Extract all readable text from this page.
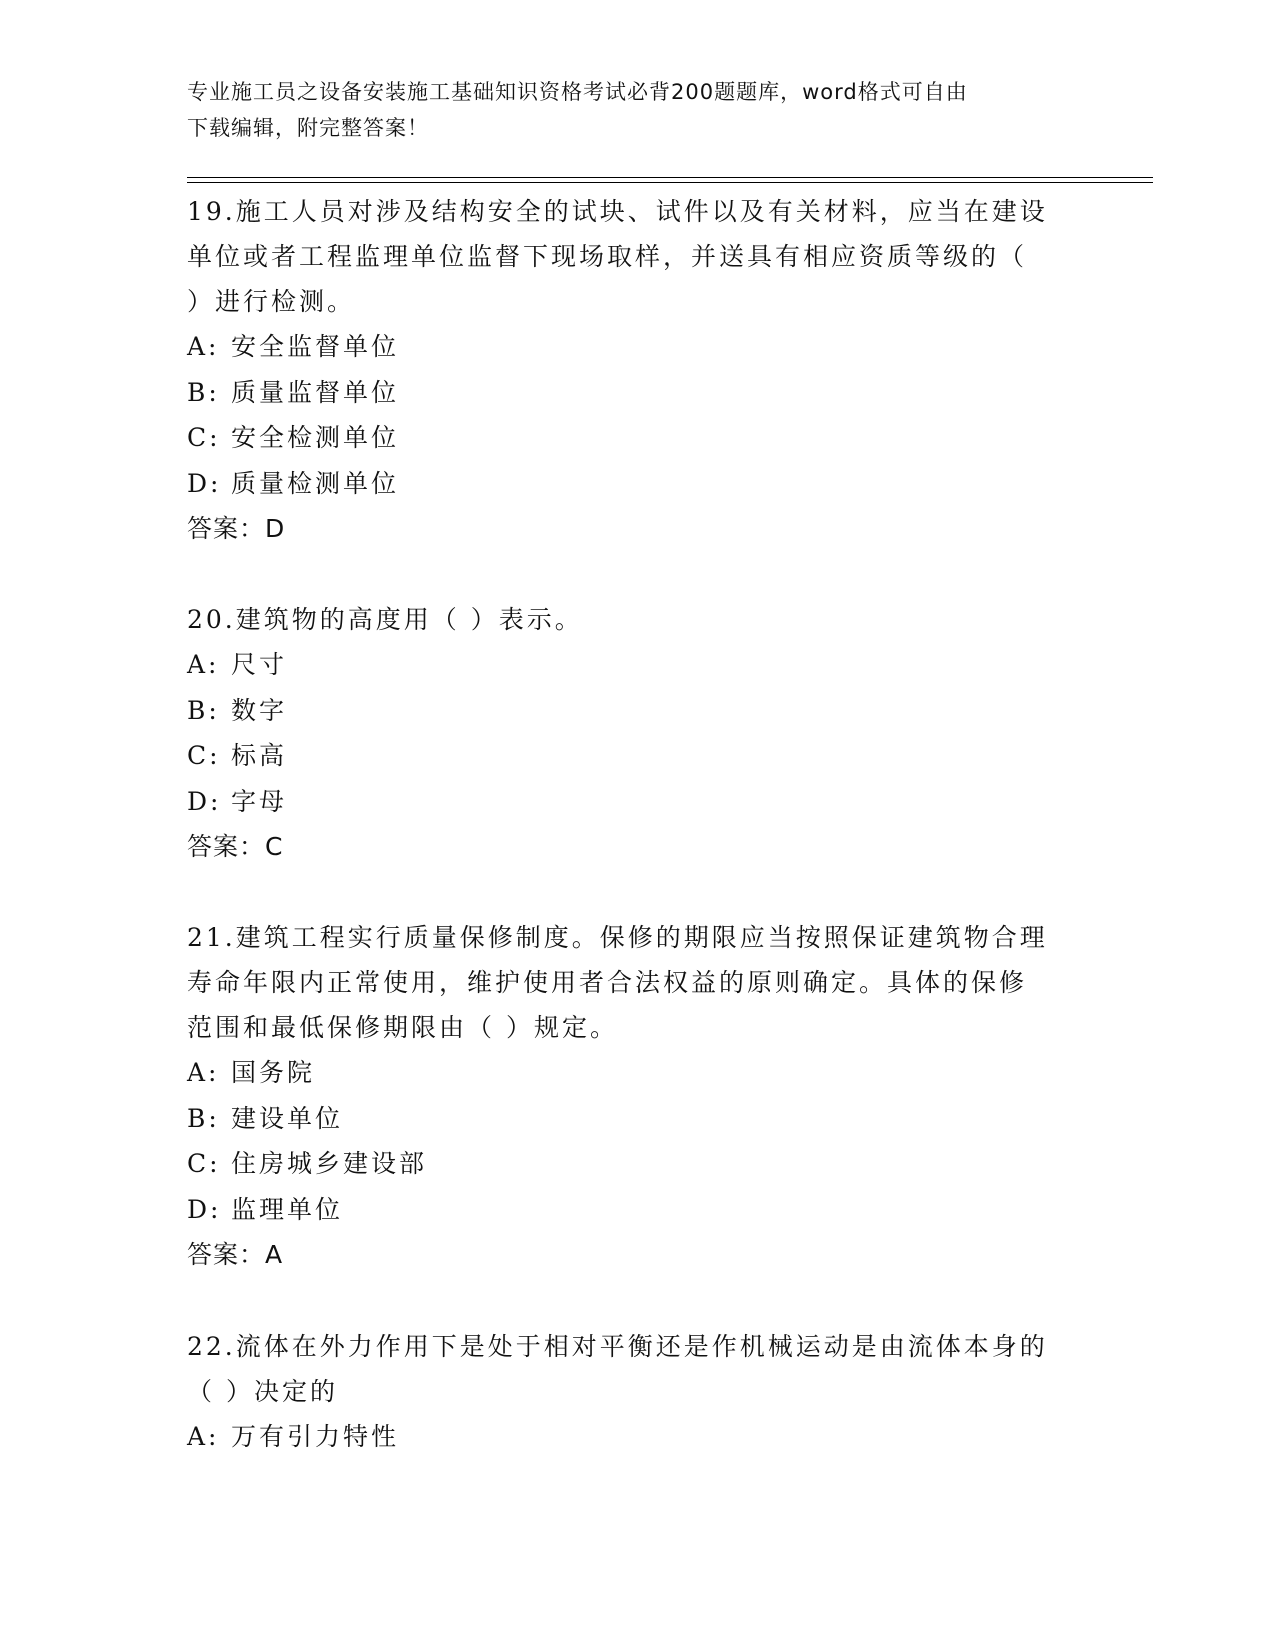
专业施工员之设备安装施工基础知识资格考试必背200题题库，word格式可自由
下载编辑，附完整答案！

19.施工人员对涉及结构安全的试块、试件以及有关材料，应当在建设

单位或者工程监理单位监督下现场取样，并送具有相应资质等级的（

）进行检测。

A: 安全监督单位

B: 质量监督单位

C: 安全检测单位

D: 质量检测单位

答案：D

20.建筑物的高度用（ ）表示。

A: 尺寸

B: 数字

C: 标高

D: 字母

答案：C

21.建筑工程实行质量保修制度。保修的期限应当按照保证建筑物合理

寿命年限内正常使用，维护使用者合法权益的原则确定。具体的保修

范围和最低保修期限由（ ）规定。

A: 国务院

B: 建设单位

C: 住房城乡建设部

D: 监理单位

答案：A

22.流体在外力作用下是处于相对平衡还是作机械运动是由流体本身的

（ ）决定的

A: 万有引力特性
